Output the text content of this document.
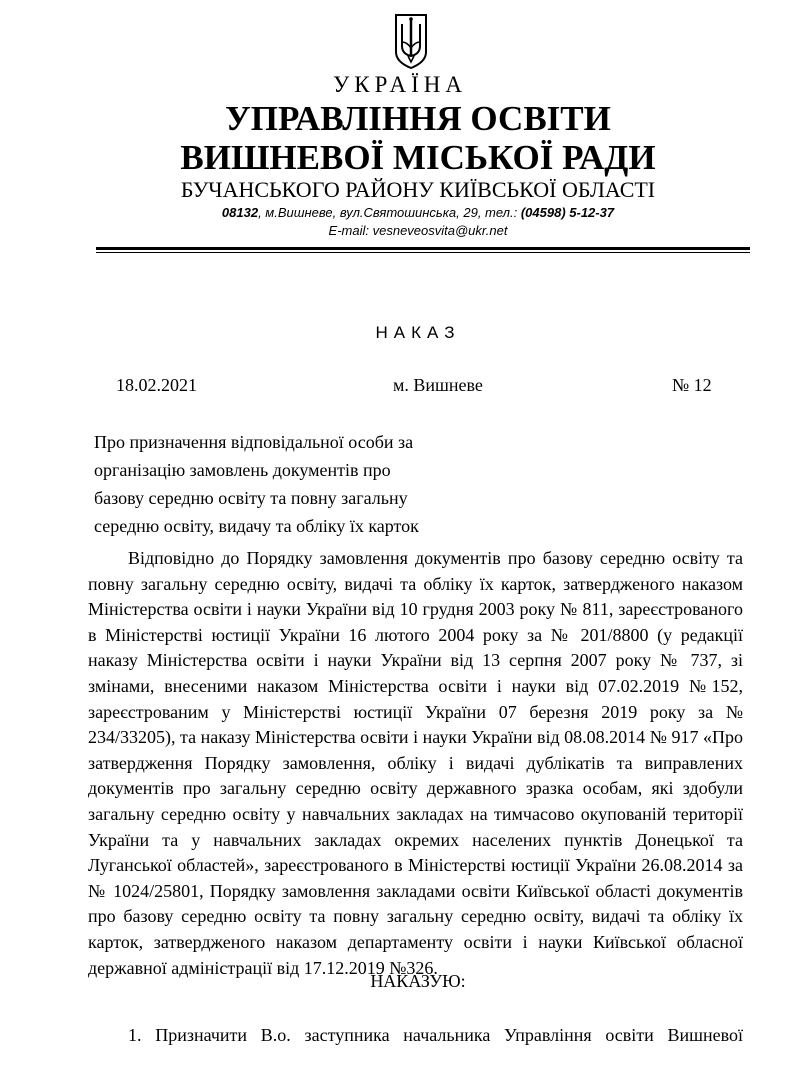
УКРАЇНА
УПРАВЛІННЯ ОСВІТИ
ВИШНЕВОЇ МІСЬКОЇ РАДИ
БУЧАНСЬКОГО РАЙОНУ КИЇВСЬКОЇ ОБЛАСТІ
08132, м.Вишневе, вул.Святошинська, 29, тел.: (04598) 5-12-37
E-mail: vesneveosvita@ukr.net
НАКАЗ
18.02.2021	м. Вишневе	№ 12
Про призначення відповідальної особи за
організацію замовлень документів про
базову середню освіту та повну загальну
середню освіту, видачу та обліку їх карток
Відповідно до Порядку замовлення документів про базову середню освіту та повну загальну середню освіту, видачі та обліку їх карток, затвердженого наказом Міністерства освіти і науки України від 10 грудня 2003 року № 811, зареєстрованого в Міністерстві юстиції України 16 лютого 2004 року за № 201/8800 (у редакції наказу Міністерства освіти і науки України від 13 серпня 2007 року № 737, зі змінами, внесеними наказом Міністерства освіти і науки від 07.02.2019 №152, зареєстрованим у Міністерстві юстиції України 07 березня 2019 року за № 234/33205), та наказу Міністерства освіти і науки України від 08.08.2014 № 917 «Про затвердження Порядку замовлення, обліку і видачі дублікатів та виправлених документів про загальну середню освіту державного зразка особам, які здобули загальну середню освіту у навчальних закладах на тимчасово окупованій території України та у навчальних закладах окремих населених пунктів Донецької та Луганської областей», зареєстрованого в Міністерстві юстиції України 26.08.2014 за № 1024/25801, Порядку замовлення закладами освіти Київської області документів про базову середню освіту та повну загальну середню освіту, видачі та обліку їх карток, затвердженого наказом департаменту освіти і науки Київської обласної державної адміністрації від 17.12.2019 №326.
НАКАЗУЮ:
1. Призначити В.о. заступника начальника Управління освіти Вишневої
